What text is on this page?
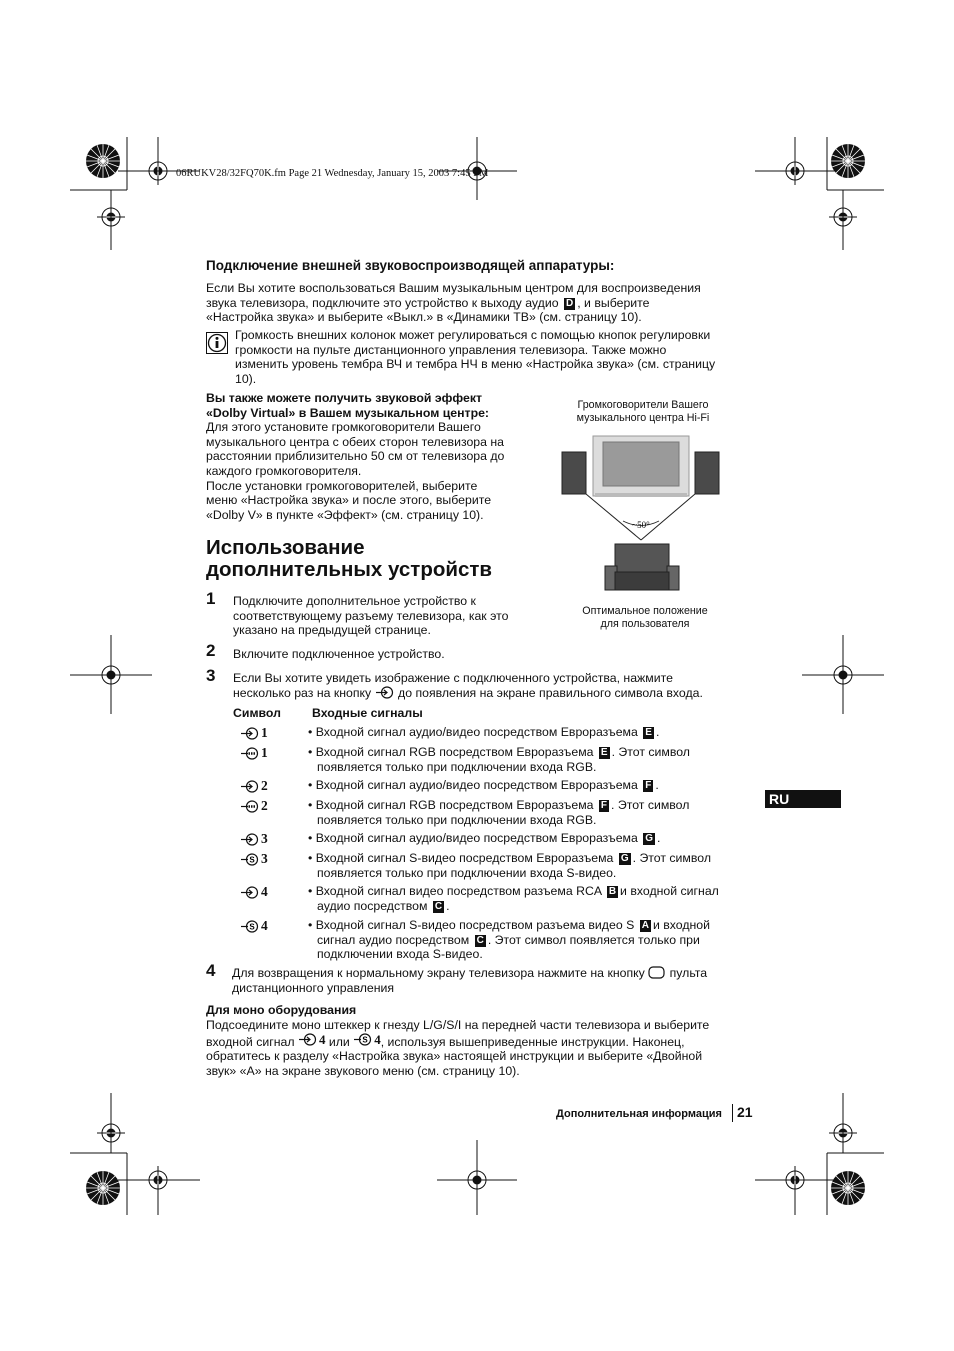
06RUKV28/32FQ70K.fm Page 21 Wednesday, January 15, 2003 7:45 PM
Подключение внешней звуковоспроизводящей аппаратуры:
Если Вы хотите воспользоваться Вашим музыкальным центром для воспроизведения
звука телевизора, подключите это устройство к выходу аудио D , и выберите
«Настройка звука» и выберите «Выкл.» в «Динамики ТВ» (см. страницу 10).
Громкость внешних колонок может регулироваться с помощью кнопок регулировки
громкости на пульте дистанционного управления телевизора. Также можно
изменить уровень тембра ВЧ и тембра НЧ в меню «Настройка звука» (см. страницу
10).
Вы также можете получить звуковой эффект
«Dolby Virtual» в Вашем музыкальном центре:
Для этого установите громкоговорители Вашего
музыкального центра с обеих сторон телевизора на
расстоянии приблизительно 50 см от телевизора до
каждого громкоговорителя.
После установки громкоговорителей, выберите
меню «Настройка звука» и после этого, выберите
«Dolby V» в пункте «Эффект» (см. страницу 10).
Громкоговорители Вашего
музыкального центра Hi-Fi
~50°
Оптимальное положение
для пользователя
Использование
дополнительных устройств
1 Подключите дополнительное устройство к
соответствующему разъему телевизора, как это
указано на предыдущей странице.
2 Включите подключенное устройство.
3 Если Вы хотите увидеть изображение с подключенного устройства, нажмите
несколько раз на кнопку до появления на экране правильного символа входа.
Символ	Входные сигналы
1	• Входной сигнал аудио/видео посредством Евроразъема E .
1	• Входной сигнал RGB посредством Евроразъема E . Этот символ
появляется только при подключении входа RGB.
2	• Входной сигнал аудио/видео посредством Евроразъема F .
2	• Входной сигнал RGB посредством Евроразъема F . Этот символ
появляется только при подключении входа RGB.
3	• Входной сигнал аудио/видео посредством Евроразъема G .
S 3	• Входной сигнал S-видео посредством Евроразъема G . Этот символ
появляется только при подключении входа S-видео.
4	• Входной сигнал видео посредством разъема RCA B и входной сигнал
аудио посредством C .
S 4	• Входной сигнал S-видео посредством разъема видео S A и входной
сигнал аудио посредством C . Этот символ появляется только при
подключении входа S-видео.
4 Для возвращения к нормальному экрану телевизора нажмите на кнопку пульта
дистанционного управления
Для моно оборудования
Подсоедините моно штеккер к гнезду L/G/S/I на передней части телевизора и выберите
входной сигнал 4 или S 4 , используя вышеприведенные инструкции. Наконец,
обратитесь к разделу «Настройка звука» настоящей инструкции и выберите «Двойной
звук» «А» на экране звукового меню (см. страницу 10).
RU
Дополнительная информация 21
